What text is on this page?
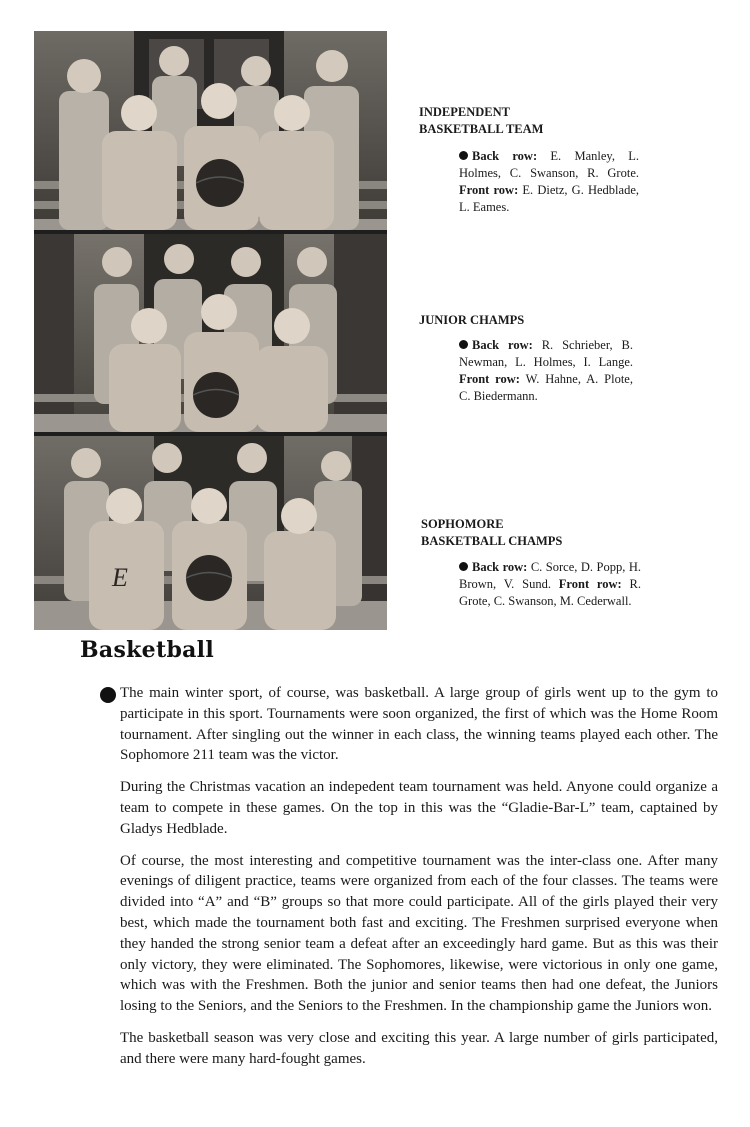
E
INDEPENDENT
BASKETBALL TEAM
Back row: E. Manley, L. Holmes, C. Swanson, R. Grote. Front row: E. Dietz, G. Hedblade, L. Eames.
JUNIOR CHAMPS
Back row: R. Schrieber, B. Newman, L. Holmes, I. Lange. Front row: W. Hahne, A. Plote, C. Biedermann.
SOPHOMORE
BASKETBALL CHAMPS
Back row: C. Sorce, D. Popp, H. Brown, V. Sund. Front row: R. Grote, C. Swanson, M. Cederwall.
Basketball

The main winter sport, of course, was basketball. A large group of girls went up to the gym to participate in this sport. Tournaments were soon organized, the first of which was the Home Room tournament. After singling out the winner in each class, the winning teams played each other. The Sophomore 211 team was the victor.

During the Christmas vacation an indepedent team tournament was held. Anyone could organize a team to compete in these games. On the top in this was the “Gladie-Bar-L” team, captained by Gladys Hedblade.

Of course, the most interesting and competitive tournament was the inter-class one. After many evenings of diligent practice, teams were organized from each of the four classes. The teams were divided into “A” and “B” groups so that more could participate. All of the girls played their very best, which made the tournament both fast and exciting. The Freshmen surprised everyone when they handed the strong senior team a defeat after an exceedingly hard game. But as this was their only victory, they were eliminated. The Sophomores, likewise, were victorious in only one game, which was with the Freshmen. Both the junior and senior teams then had one defeat, the Juniors losing to the Seniors, and the Seniors to the Freshmen. In the championship game the Juniors won.

The basketball season was very close and exciting this year. A large number of girls participated, and there were many hard-fought games.
